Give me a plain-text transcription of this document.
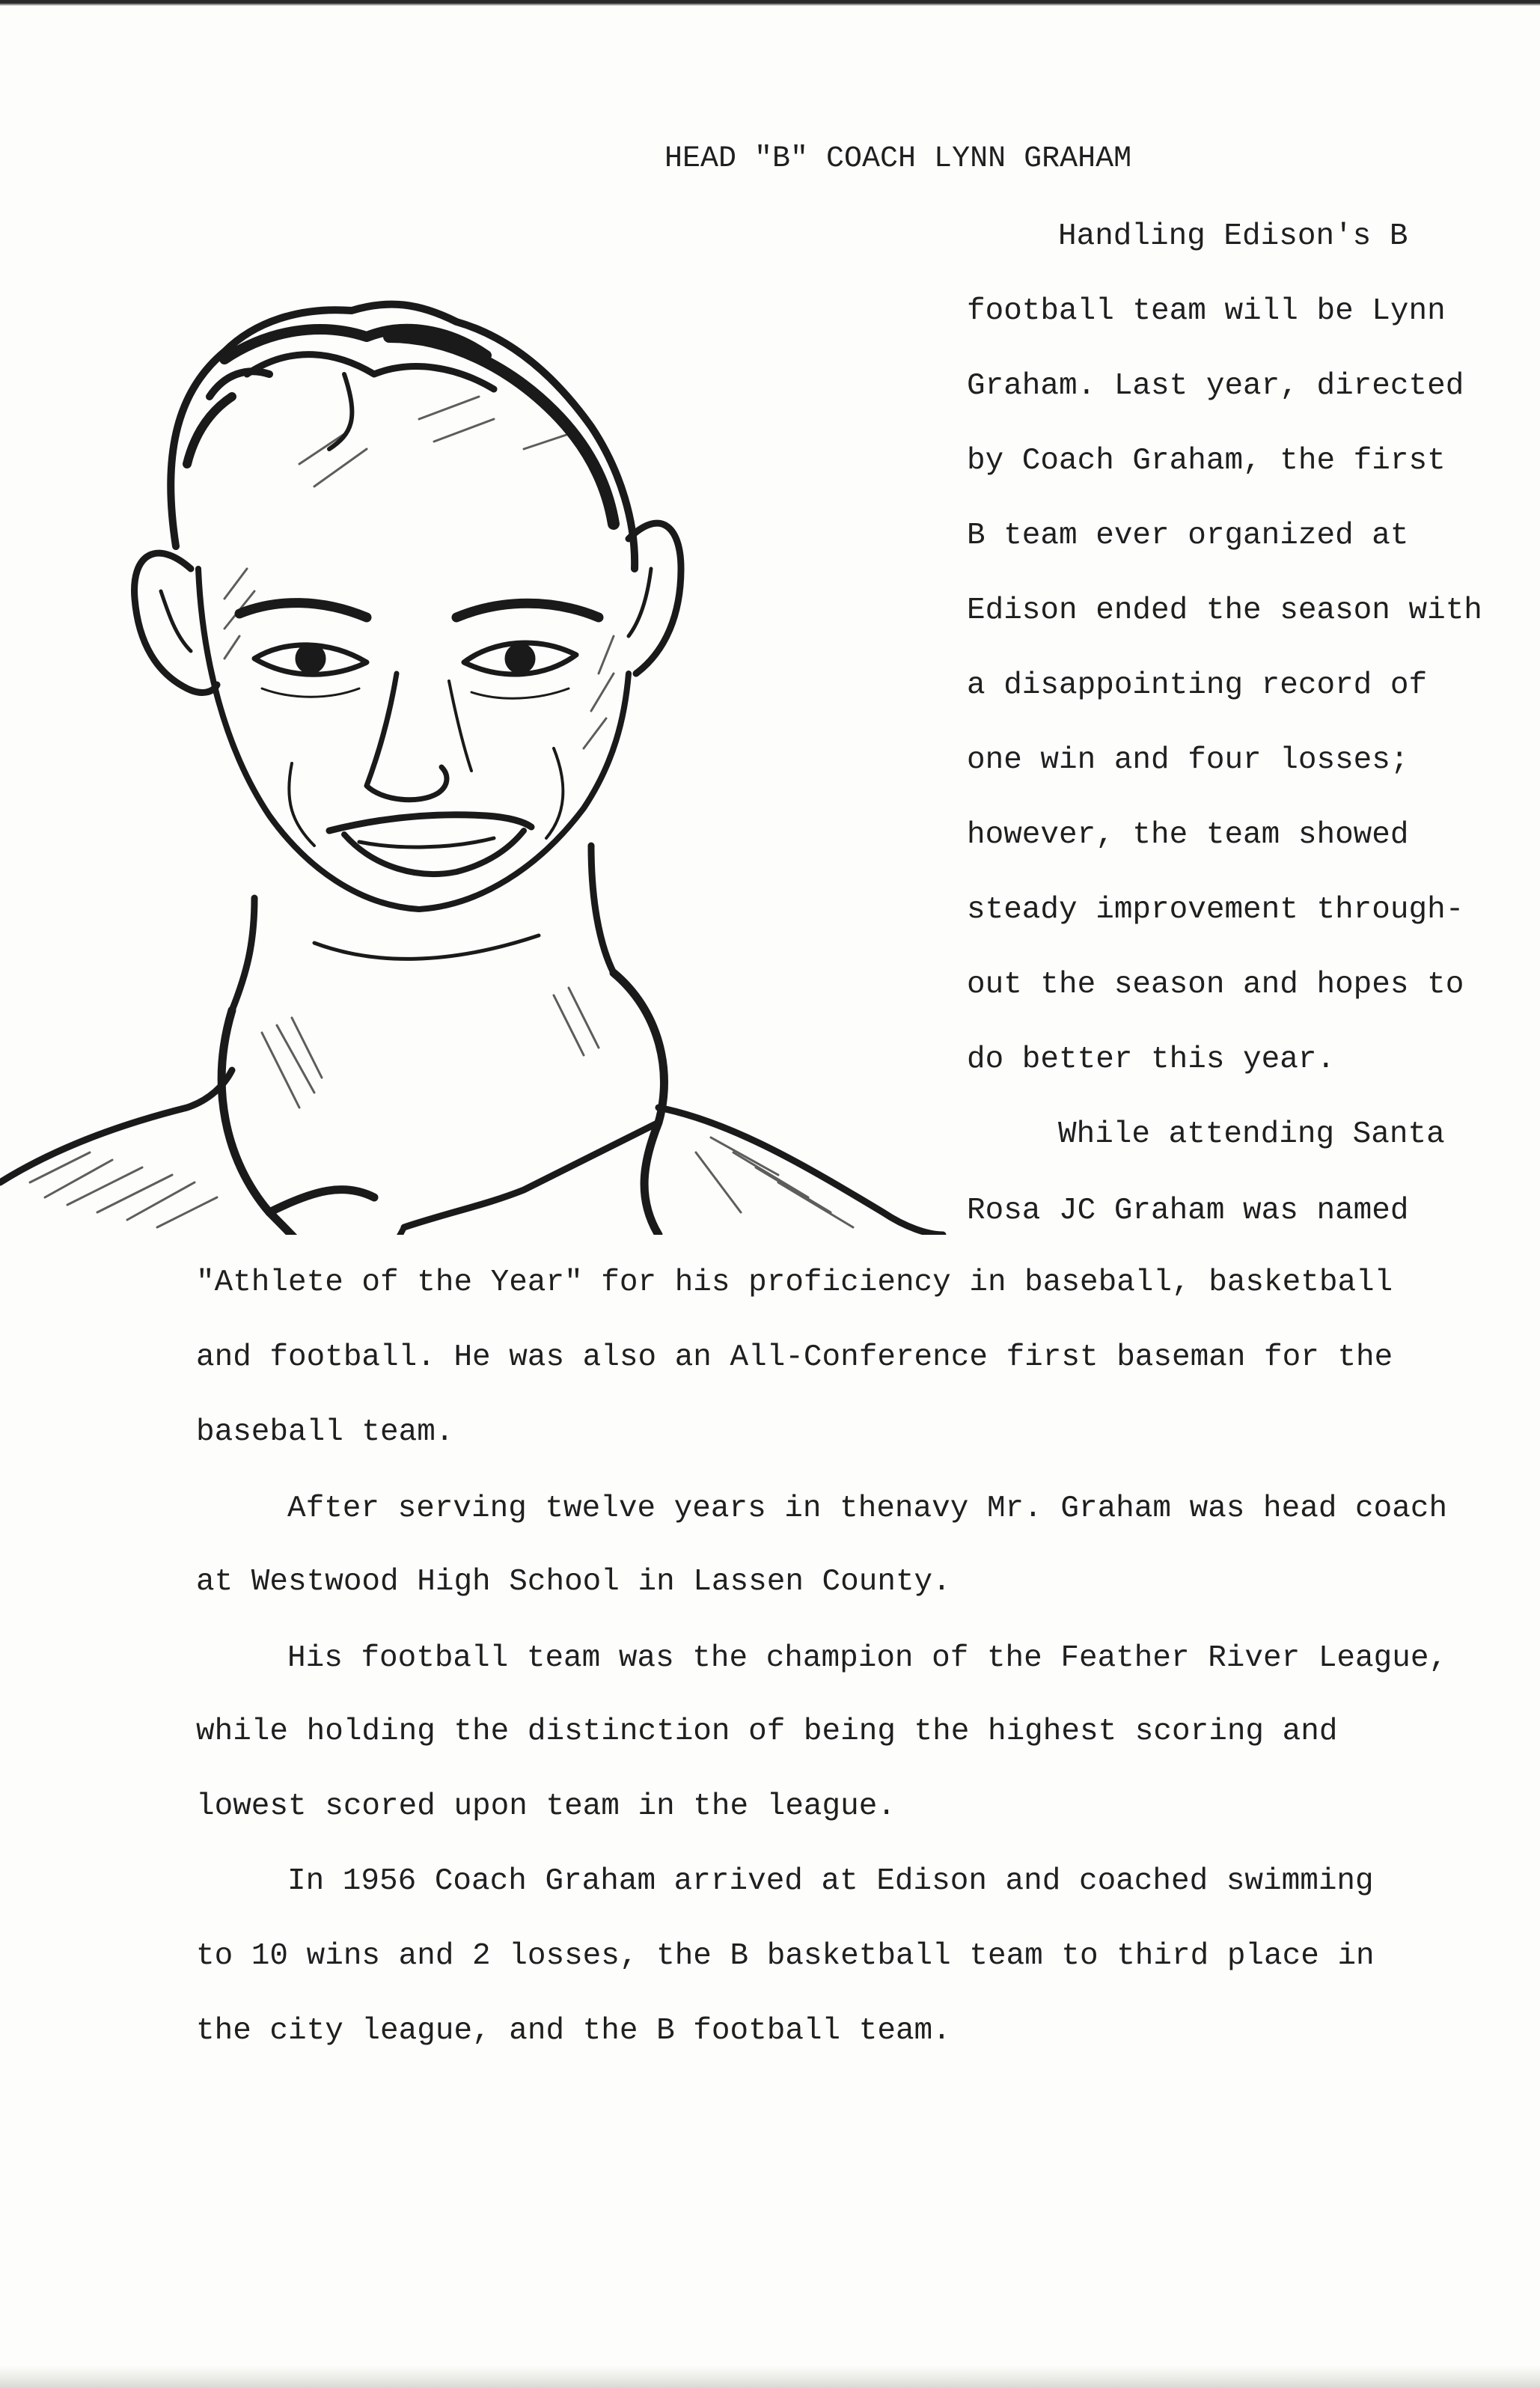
HEAD "B" COACH LYNN GRAHAM
Handling Edison's B
football team will be Lynn
Graham. Last year, directed
by Coach Graham, the first
B team ever organized at
Edison ended the season with
a disappointing record of
one win and four losses;
however, the team showed
steady improvement through-
out the season and hopes to
do better this year.
While attending Santa
Rosa JC Graham was named
"Athlete of the Year" for his proficiency in baseball, basketball
and football. He was also an All-Conference first baseman for the
baseball team.
After serving twelve years in thenavy Mr. Graham was head coach
at Westwood High School in Lassen County.
His football team was the champion of the Feather River League,
while holding the distinction of being the highest scoring and
lowest scored upon team in the league.
In 1956 Coach Graham arrived at Edison and coached swimming
to 10 wins and 2 losses, the B basketball team to third place in
the city league, and the B football team.
